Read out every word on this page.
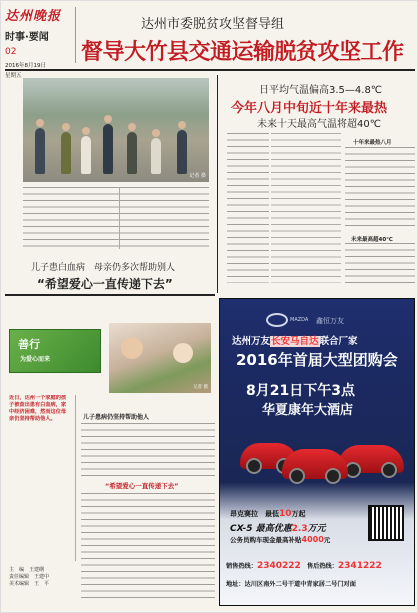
达州晚报
时事·要闻
02
2016年8月19日
星期五
达州市委脱贫攻坚督导组
督导大竹县交通运输脱贫攻坚工作
记者 摄
日平均气温偏高3.5—4.8℃
今年八月中旬近十年来最热
未来十天最高气温将超40℃
十年来最热八月
未来最高超40℃
儿子患白血病　母亲仍多次帮助别人
“希望爱心一直传递下去”
善行
为爱心而来
记者 摄
近日，达州一个家庭的孩子被查出患有白血病，家中经济困难，然而这位母亲仍坚持帮助他人。	儿子患病仍坚持帮助他人
“希望爱心一直传递下去”
主　编　王建纲
责任编辑　王建中
美术编辑　王　平
MAZDA 鑫恒万友
达州万友长安马自达联合厂家
2016年首届大型团购会
8月21日下午3点
华夏康年大酒店
昂克赛拉　最低10万起
CX-5 最高优惠2.3万元
公务员购车现金最高补贴4000元
销售热线：2340222　售后热线：2341222
地址：达川区南外二号干道中青家居二号门对面
